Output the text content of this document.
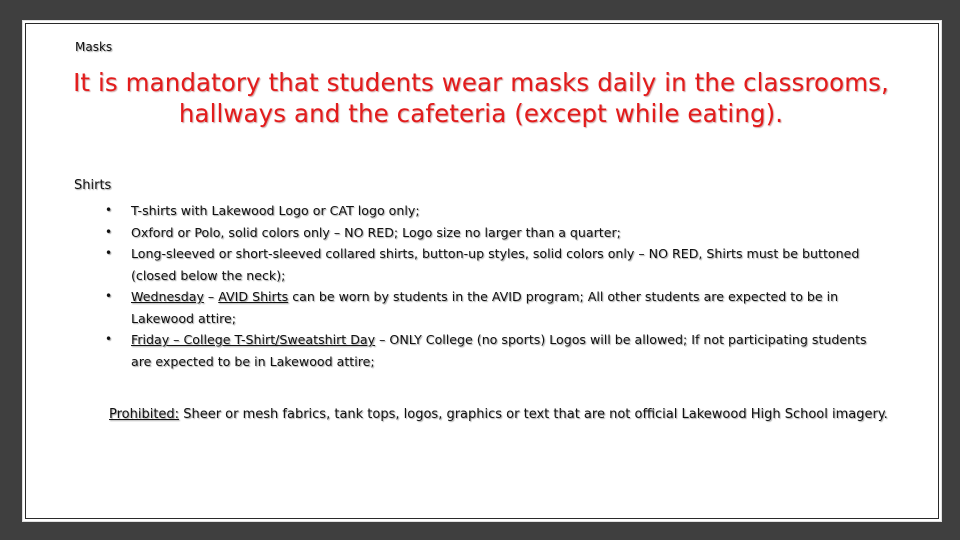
Masks
It is mandatory that students wear masks daily in the classrooms, hallways and the cafeteria (except while eating).
Shirts
• T-shirts with Lakewood Logo or CAT logo only;
• Oxford or Polo, solid colors only – NO RED; Logo size no larger than a quarter;
• Long-sleeved or short-sleeved collared shirts, button-up styles, solid colors only – NO RED, Shirts must be buttoned (closed below the neck);
• Wednesday – AVID Shirts can be worn by students in the AVID program; All other students are expected to be in Lakewood attire;
• Friday – College T-Shirt/Sweatshirt Day – ONLY College (no sports) Logos will be allowed; If not participating students are expected to be in Lakewood attire;
Prohibited: Sheer or mesh fabrics, tank tops, logos, graphics or text that are not official Lakewood High School imagery.
